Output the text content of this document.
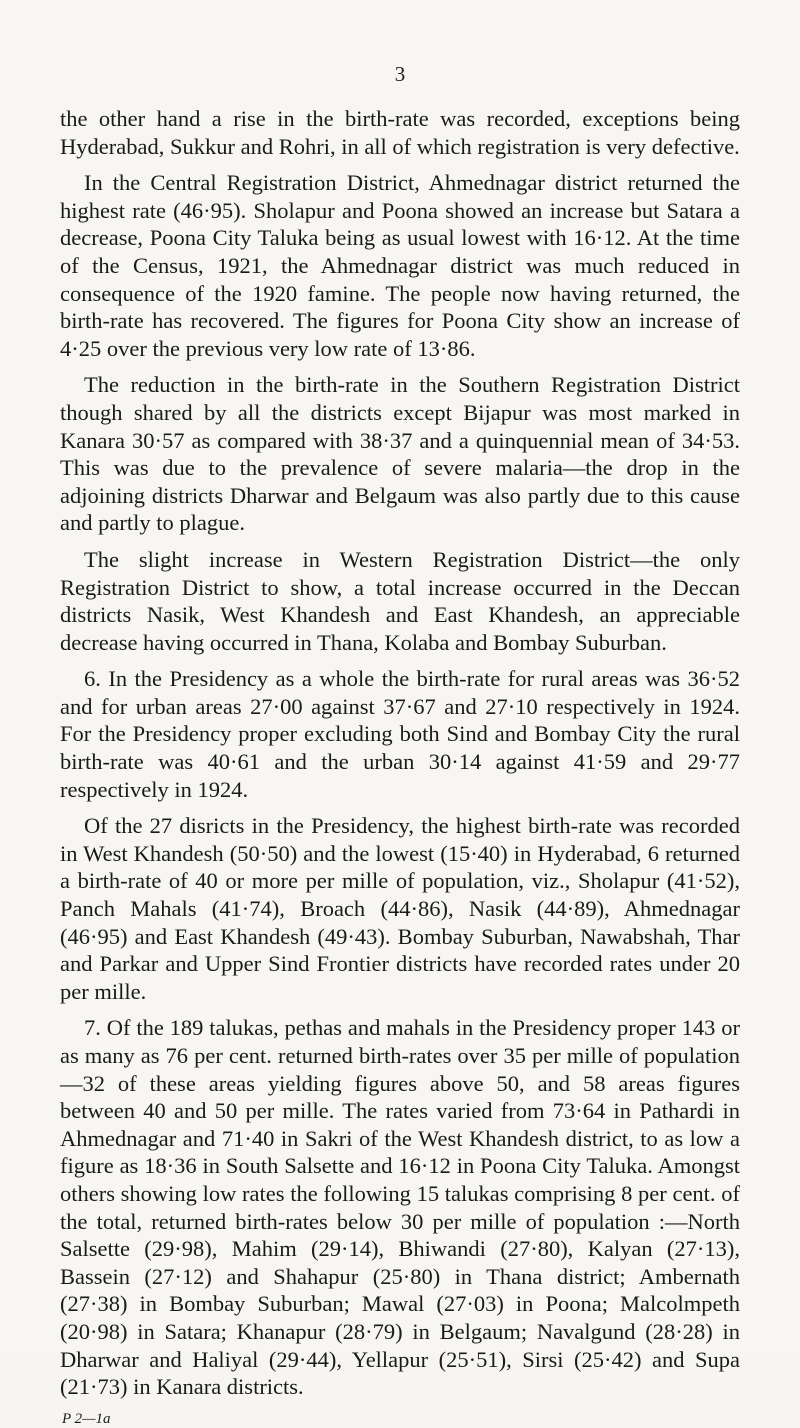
3

the other hand a rise in the birth-rate was recorded, exceptions being Hyderabad, Sukkur and Rohri, in all of which registration is very defective.

In the Central Registration District, Ahmednagar district returned the highest rate (46·95). Sholapur and Poona showed an increase but Satara a decrease, Poona City Taluka being as usual lowest with 16·12. At the time of the Census, 1921, the Ahmednagar district was much reduced in consequence of the 1920 famine. The people now having returned, the birth-rate has recovered. The figures for Poona City show an increase of 4·25 over the previous very low rate of 13·86.

The reduction in the birth-rate in the Southern Registration District though shared by all the districts except Bijapur was most marked in Kanara 30·57 as compared with 38·37 and a quinquennial mean of 34·53. This was due to the prevalence of severe malaria—the drop in the adjoining districts Dharwar and Belgaum was also partly due to this cause and partly to plague.

The slight increase in Western Registration District—the only Registration District to show, a total increase occurred in the Deccan districts Nasik, West Khandesh and East Khandesh, an appreciable decrease having occurred in Thana, Kolaba and Bombay Suburban.

6. In the Presidency as a whole the birth-rate for rural areas was 36·52 and for urban areas 27·00 against 37·67 and 27·10 respectively in 1924. For the Presidency proper excluding both Sind and Bombay City the rural birth-rate was 40·61 and the urban 30·14 against 41·59 and 29·77 respectively in 1924.

Of the 27 disricts in the Presidency, the highest birth-rate was recorded in West Khandesh (50·50) and the lowest (15·40) in Hyderabad, 6 returned a birth-rate of 40 or more per mille of population, viz., Sholapur (41·52), Panch Mahals (41·74), Broach (44·86), Nasik (44·89), Ahmednagar (46·95) and East Khandesh (49·43). Bombay Suburban, Nawabshah, Thar and Parkar and Upper Sind Frontier districts have recorded rates under 20 per mille.

7. Of the 189 talukas, pethas and mahals in the Presidency proper 143 or as many as 76 per cent. returned birth-rates over 35 per mille of population—32 of these areas yielding figures above 50, and 58 areas figures between 40 and 50 per mille. The rates varied from 73·64 in Pathardi in Ahmednagar and 71·40 in Sakri of the West Khandesh district, to as low a figure as 18·36 in South Salsette and 16·12 in Poona City Taluka. Amongst others showing low rates the following 15 talukas comprising 8 per cent. of the total, returned birth-rates below 30 per mille of population :—North Salsette (29·98), Mahim (29·14), Bhiwandi (27·80), Kalyan (27·13), Bassein (27·12) and Shahapur (25·80) in Thana district; Ambernath (27·38) in Bombay Suburban; Mawal (27·03) in Poona; Malcolmpeth (20·98) in Satara; Khanapur (28·79) in Belgaum; Navalgund (28·28) in Dharwar and Haliyal (29·44), Yellapur (25·51), Sirsi (25·42) and Supa (21·73) in Kanara districts.

P 2—1a
